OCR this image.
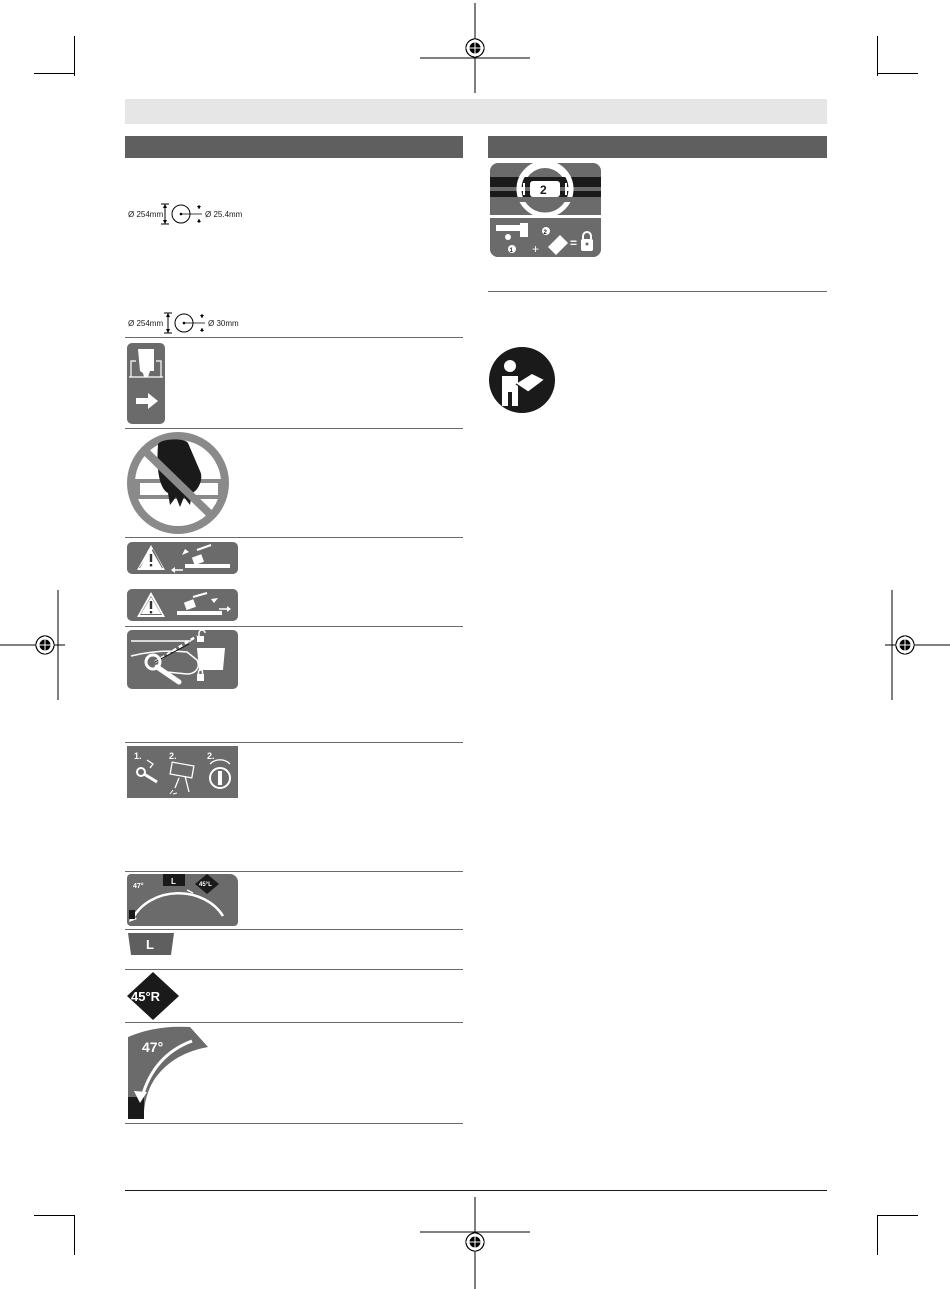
Ø 254mm	Ø 25.4mm
Ø 254mm	Ø 30mm
1.	2.	2.
L	45°L
47°
L
45°R
47°
2
1 +
2
=
